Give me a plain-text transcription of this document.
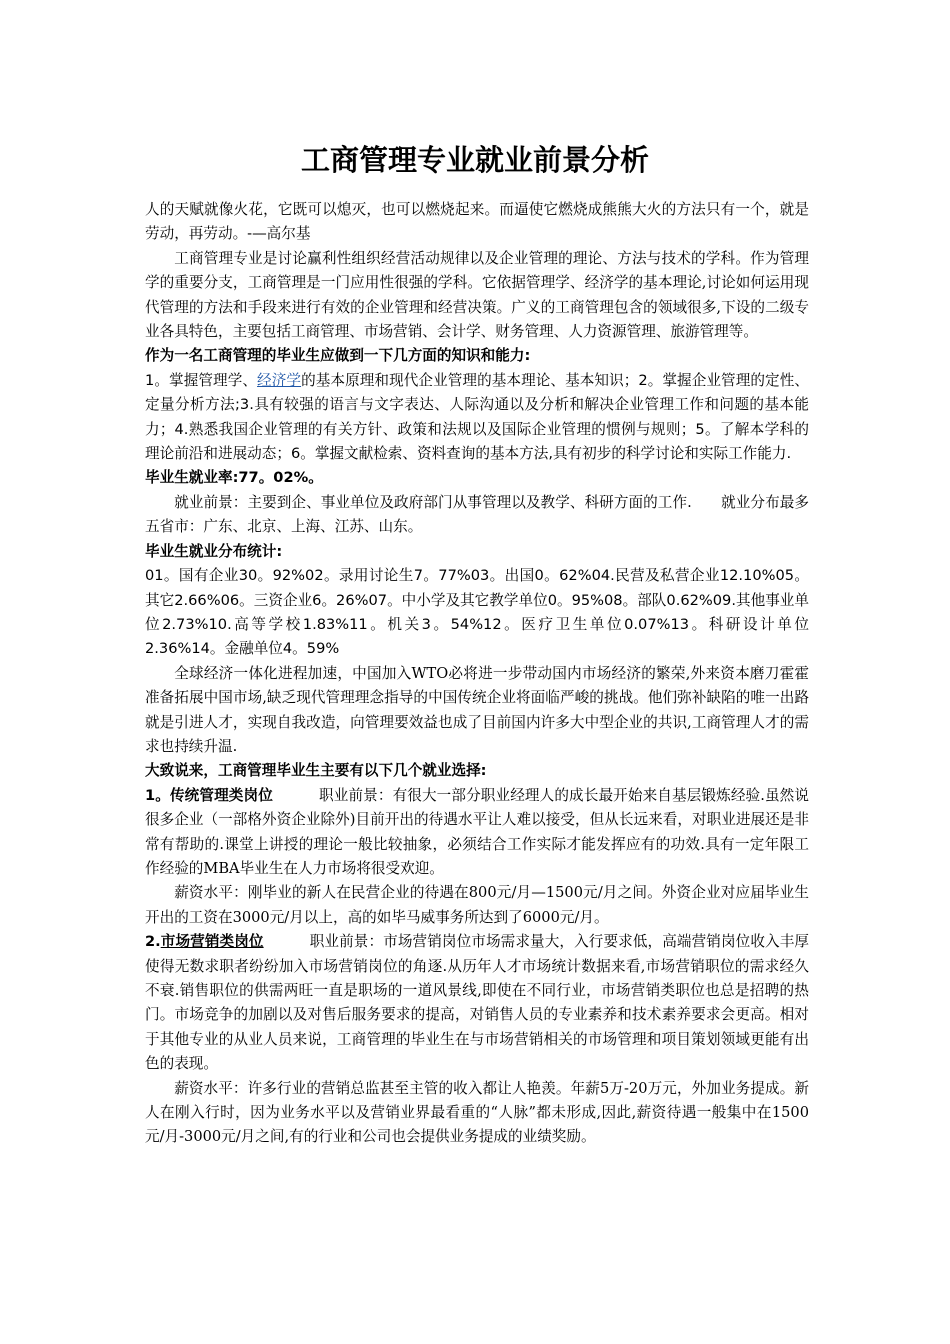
工商管理专业就业前景分析

人的天赋就像火花，它既可以熄灭，也可以燃烧起来。而逼使它燃烧成熊熊大火的方法只有一个，就是劳动，再劳动。-—高尔基

工商管理专业是讨论赢利性组织经营活动规律以及企业管理的理论、方法与技术的学科。作为管理学的重要分支，工商管理是一门应用性很强的学科。它依据管理学、经济学的基本理论,讨论如何运用现代管理的方法和手段来进行有效的企业管理和经营决策。广义的工商管理包含的领域很多,下设的二级专业各具特色，主要包括工商管理、市场营销、会计学、财务管理、人力资源管理、旅游管理等。

作为一名工商管理的毕业生应做到一下几方面的知识和能力:

1。掌握管理学、经济学的基本原理和现代企业管理的基本理论、基本知识；2。掌握企业管理的定性、定量分析方法;3.具有较强的语言与文字表达、人际沟通以及分析和解决企业管理工作和问题的基本能力；4.熟悉我国企业管理的有关方针、政策和法规以及国际企业管理的惯例与规则；5。了解本学科的理论前沿和进展动态；6。掌握文献检索、资料查询的基本方法,具有初步的科学讨论和实际工作能力.

毕业生就业率:77。02%。

就业前景：主要到企、事业单位及政府部门从事管理以及教学、科研方面的工作.　　就业分布最多五省市：广东、北京、上海、江苏、山东。

毕业生就业分布统计:

01。国有企业30。92%02。录用讨论生7。77%03。出国0。62%04.民营及私营企业12.10%05。其它2.66%06。三资企业6。26%07。中小学及其它教学单位0。95%08。部队0.62%09.其他事业单位2.73%10.高等学校1.83%11。机关3。54%12。医疗卫生单位0.07%13。科研设计单位2.36%14。金融单位4。59%

全球经济一体化进程加速，中国加入WTO必将进一步带动国内市场经济的繁荣,外来资本磨刀霍霍准备拓展中国市场,缺乏现代管理理念指导的中国传统企业将面临严峻的挑战。他们弥补缺陷的唯一出路就是引进人才，实现自我改造，向管理要效益也成了目前国内许多大中型企业的共识,工商管理人才的需求也持续升温.

大致说来，工商管理毕业生主要有以下几个就业选择:

1。传统管理类岗位	职业前景：有很大一部分职业经理人的成长最开始来自基层锻炼经验.虽然说很多企业（一部格外资企业除外)目前开出的待遇水平让人难以接受，但从长远来看，对职业进展还是非常有帮助的.课堂上讲授的理论一般比较抽象，必须结合工作实际才能发挥应有的功效.具有一定年限工作经验的MBA毕业生在人力市场将很受欢迎。

薪资水平：刚毕业的新人在民营企业的待遇在800元/月—1500元/月之间。外资企业对应届毕业生开出的工资在3000元/月以上，高的如毕马威事务所达到了6000元/月。

2.市场营销类岗位	职业前景：市场营销岗位市场需求量大，入行要求低，高端营销岗位收入丰厚使得无数求职者纷纷加入市场营销岗位的角逐.从历年人才市场统计数据来看,市场营销职位的需求经久不衰.销售职位的供需两旺一直是职场的一道风景线,即使在不同行业，市场营销类职位也总是招聘的热门。市场竞争的加剧以及对售后服务要求的提高，对销售人员的专业素养和技术素养要求会更高。相对于其他专业的从业人员来说，工商管理的毕业生在与市场营销相关的市场管理和项目策划领域更能有出色的表现。

薪资水平：许多行业的营销总监甚至主管的收入都让人艳羡。年薪5万-20万元，外加业务提成。新人在刚入行时，因为业务水平以及营销业界最看重的“人脉”都未形成,因此,薪资待遇一般集中在1500元/月-3000元/月之间,有的行业和公司也会提供业务提成的业绩奖励。
